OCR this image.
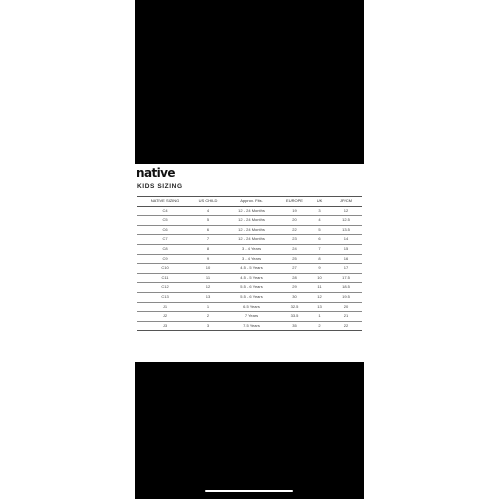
native
KIDS SIZING
NATIVE SIZING	US CHILD	Approx. Fits.	EUROPE	UK	JP/CM
C4	4	12 - 24 Months	19	3	12
C5	5	12 - 24 Months	20	4	12.5
C6	6	12 - 24 Months	22	5	13.5
C7	7	12 - 24 Months	23	6	14
C8	8	3 - 4 Years	24	7	15
C9	9	3 - 4 Years	25	8	16
C10	10	4.5 - 5 Years	27	9	17
C11	11	4.5 - 5 Years	28	10	17.5
C12	12	5.5 - 6 Years	29	11	18.5
C13	13	5.5 - 6 Years	30	12	19.5
J1	1	6.5 Years	32.5	13	20
J2	2	7 Years	33.5	1	21
J3	3	7.5 Years	35	2	22
